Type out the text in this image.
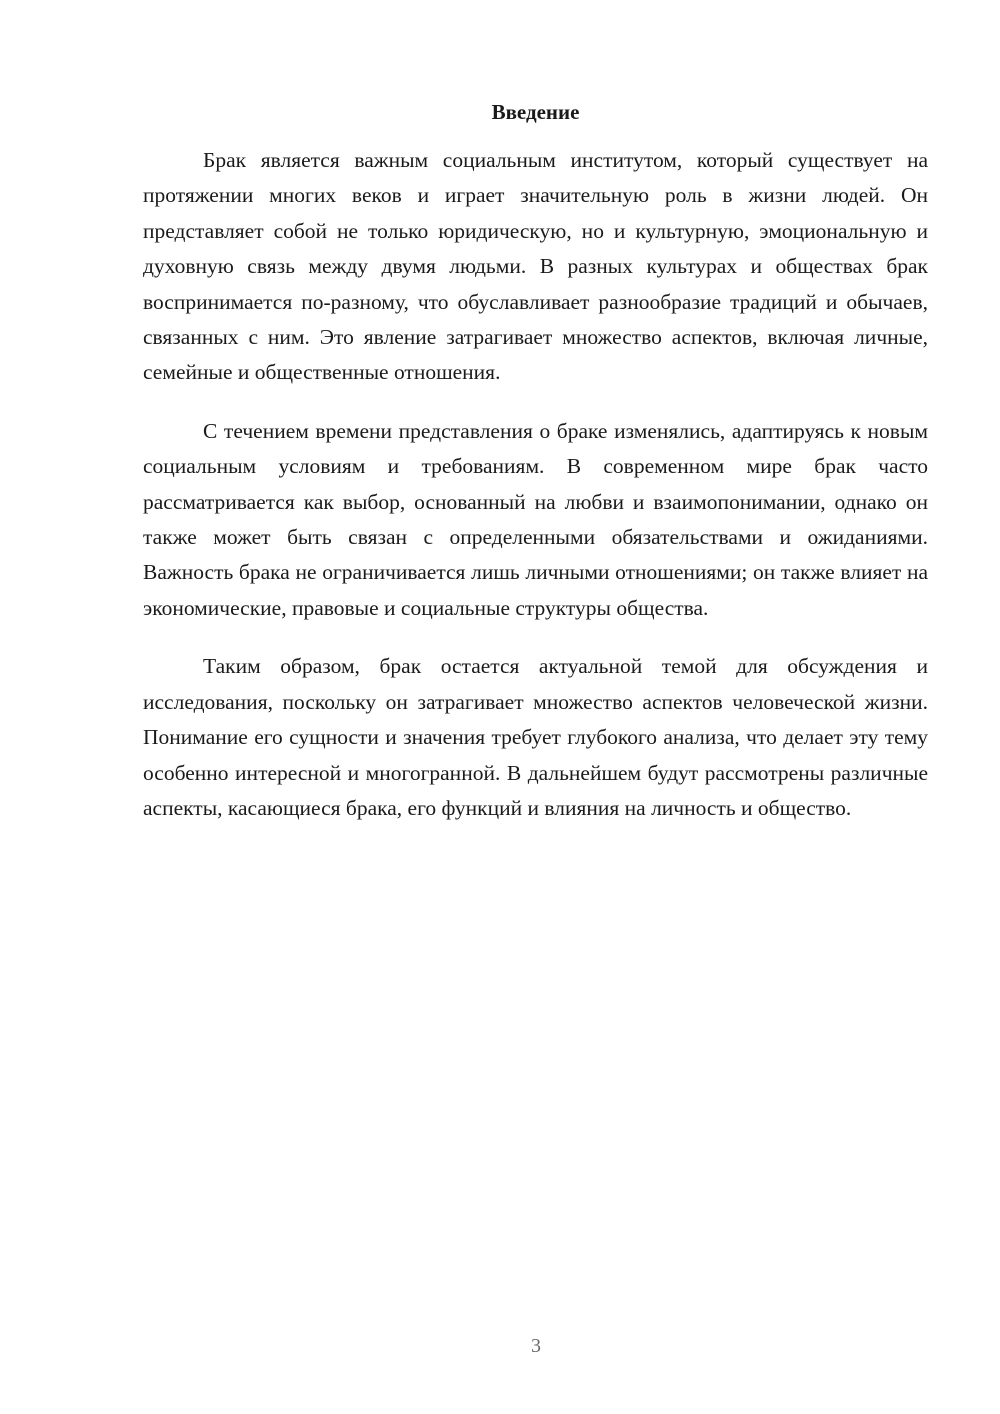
Введение

Брак является важным социальным институтом, который существует на протяжении многих веков и играет значительную роль в жизни людей. Он представляет собой не только юридическую, но и культурную, эмоциональную и духовную связь между двумя людьми. В разных культурах и обществах брак воспринимается по-разному, что обуславливает разнообразие традиций и обычаев, связанных с ним. Это явление затрагивает множество аспектов, включая личные, семейные и общественные отношения.

С течением времени представления о браке изменялись, адаптируясь к новым социальным условиям и требованиям. В современном мире брак часто рассматривается как выбор, основанный на любви и взаимопонимании, однако он также может быть связан с определенными обязательствами и ожиданиями. Важность брака не ограничивается лишь личными отношениями; он также влияет на экономические, правовые и социальные структуры общества.

Таким образом, брак остается актуальной темой для обсуждения и исследования, поскольку он затрагивает множество аспектов человеческой жизни. Понимание его сущности и значения требует глубокого анализа, что делает эту тему особенно интересной и многогранной. В дальнейшем будут рассмотрены различные аспекты, касающиеся брака, его функций и влияния на личность и общество.

3
